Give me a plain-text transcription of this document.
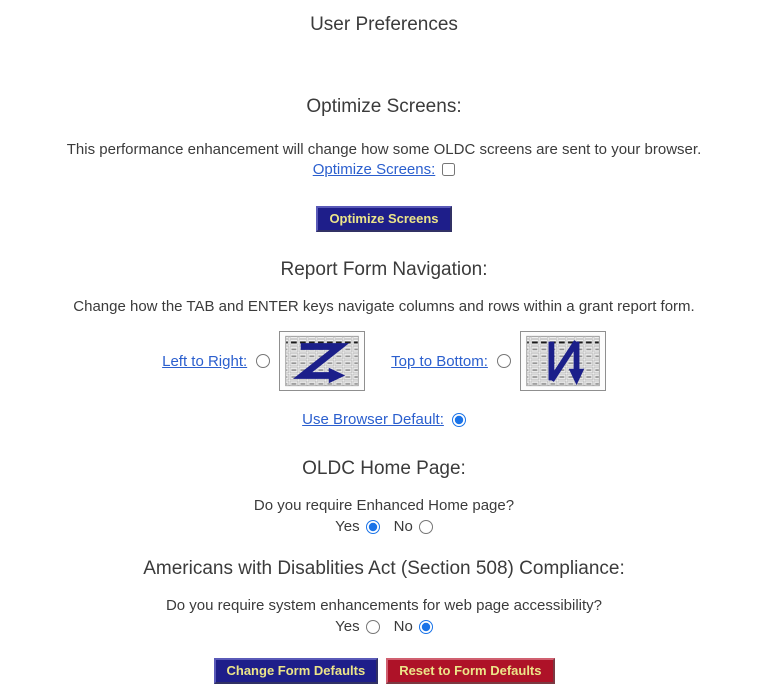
User Preferences
Optimize Screens:
This performance enhancement will change how some OLDC screens are sent to your browser.
Optimize Screens:
Optimize Screens
Report Form Navigation:
Change how the TAB and ENTER keys navigate columns and rows within a grant report form.
Left to Right:	Top to Bottom:
Use Browser Default:
OLDC Home Page:
Do you require Enhanced Home page?
Yes No
Americans with Disablities Act (Section 508) Compliance:
Do you require system enhancements for web page accessibility?
Yes No
Change Form Defaults	Reset to Form Defaults
